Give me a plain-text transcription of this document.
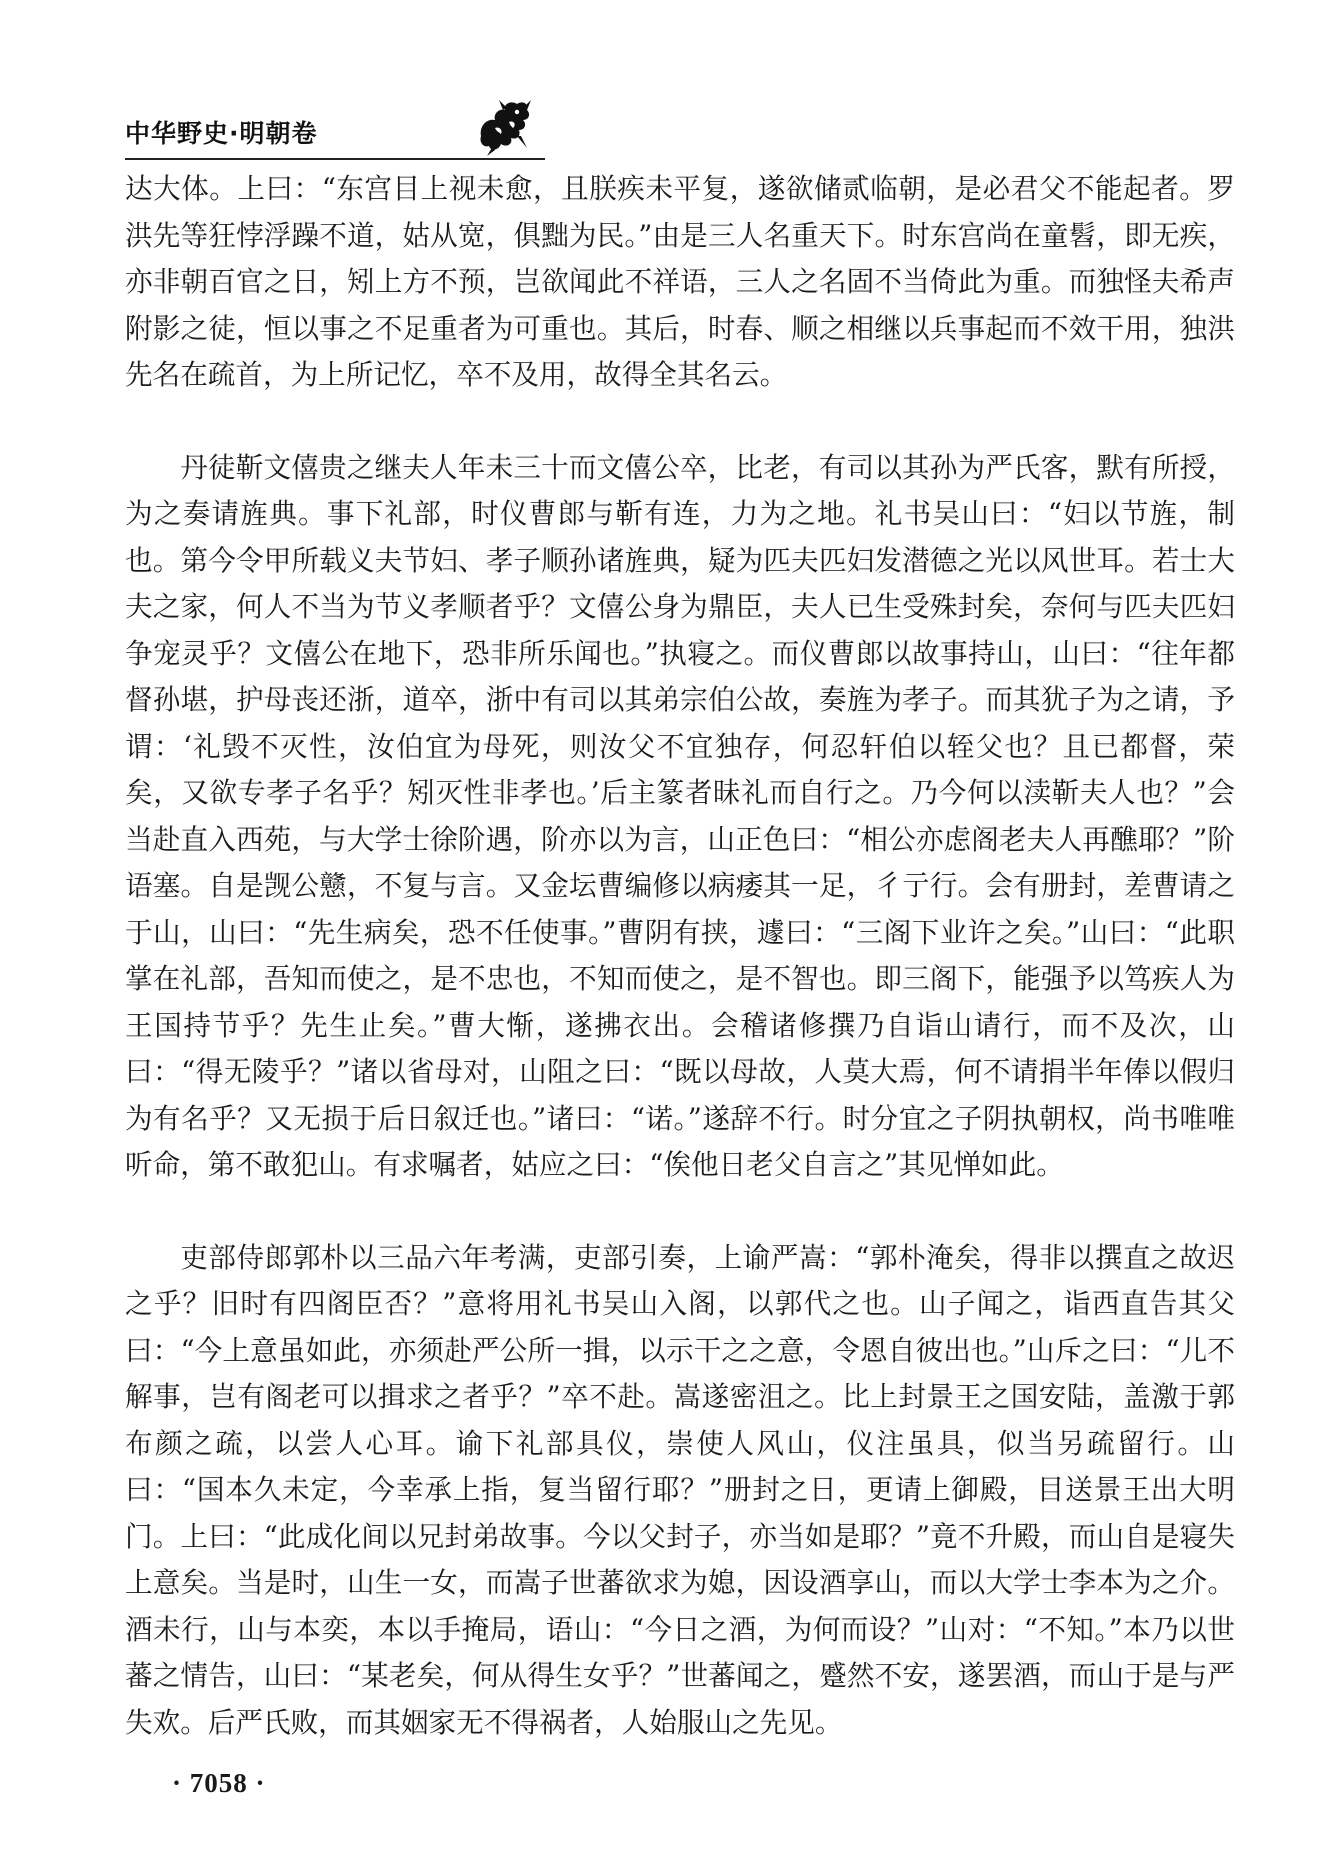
中华野史·明朝卷

达大体。上曰：“东宫目上视未愈，且朕疾未平复，遂欲储贰临朝，是必君父不能起者。罗洪先等狂悖浮躁不道，姑从宽，俱黜为民。”由是三人名重天下。时东宫尚在童髫，即无疾，亦非朝百官之日，矧上方不预，岂欲闻此不祥语，三人之名固不当倚此为重。而独怪夫希声附影之徒，恒以事之不足重者为可重也。其后，时春、顺之相继以兵事起而不效干用，独洪先名在疏首，为上所记忆，卒不及用，故得全其名云。

丹徒靳文僖贵之继夫人年未三十而文僖公卒，比老，有司以其孙为严氏客，默有所授，为之奏请旌典。事下礼部，时仪曹郎与靳有连，力为之地。礼书吴山曰：“妇以节旌，制也。第今令甲所载义夫节妇、孝子顺孙诸旌典，疑为匹夫匹妇发潜德之光以风世耳。若士大夫之家，何人不当为节义孝顺者乎？文僖公身为鼎臣，夫人已生受殊封矣，奈何与匹夫匹妇争宠灵乎？文僖公在地下，恐非所乐闻也。”执寝之。而仪曹郎以故事持山，山曰：“往年都督孙堪，护母丧还浙，道卒，浙中有司以其弟宗伯公故，奏旌为孝子。而其犹子为之请，予谓：‘礼毁不灭性，汝伯宜为母死，则汝父不宜独存，何忍轩伯以轾父也？且已都督，荣矣，又欲专孝子名乎？矧灭性非孝也。’后主篆者昧礼而自行之。乃今何以渎靳夫人也？”会当赴直入西苑，与大学士徐阶遇，阶亦以为言，山正色曰：“相公亦虑阁老夫人再醮耶？”阶语塞。自是觊公戆，不复与言。又金坛曹编修以病痿其一足，彳亍行。会有册封，差曹请之于山，山曰：“先生病矣，恐不任使事。”曹阴有挟，遽曰：“三阁下业许之矣。”山曰：“此职掌在礼部，吾知而使之，是不忠也，不知而使之，是不智也。即三阁下，能强予以笃疾人为王国持节乎？先生止矣。”曹大惭，遂拂衣出。会稽诸修撰乃自诣山请行，而不及次，山曰：“得无陵乎？”诸以省母对，山阻之曰：“既以母故，人莫大焉，何不请捐半年俸以假归为有名乎？又无损于后日叙迁也。”诸曰：“诺。”遂辞不行。时分宜之子阴执朝权，尚书唯唯听命，第不敢犯山。有求嘱者，姑应之曰：“俟他日老父自言之”其见惮如此。

吏部侍郎郭朴以三品六年考满，吏部引奏，上谕严嵩：“郭朴淹矣，得非以撰直之故迟之乎？旧时有四阁臣否？”意将用礼书吴山入阁，以郭代之也。山子闻之，诣西直告其父曰：“今上意虽如此，亦须赴严公所一揖，以示干之之意，令恩自彼出也。”山斥之曰：“儿不解事，岂有阁老可以揖求之者乎？”卒不赴。嵩遂密沮之。比上封景王之国安陆，盖激于郭布颜之疏，以尝人心耳。谕下礼部具仪，崇使人风山，仪注虽具，似当另疏留行。山曰：“国本久未定，今幸承上指，复当留行耶？”册封之日，更请上御殿，目送景王出大明门。上曰：“此成化间以兄封弟故事。今以父封子，亦当如是耶？”竟不升殿，而山自是寝失上意矣。当是时，山生一女，而嵩子世蕃欲求为媳，因设酒享山，而以大学士李本为之介。酒未行，山与本奕，本以手掩局，语山：“今日之酒，为何而设？”山对：“不知。”本乃以世蕃之情告，山曰：“某老矣，何从得生女乎？”世蕃闻之，蹙然不安，遂罢酒，而山于是与严失欢。后严氏败，而其姻家无不得祸者，人始服山之先见。

· 7058 ·
